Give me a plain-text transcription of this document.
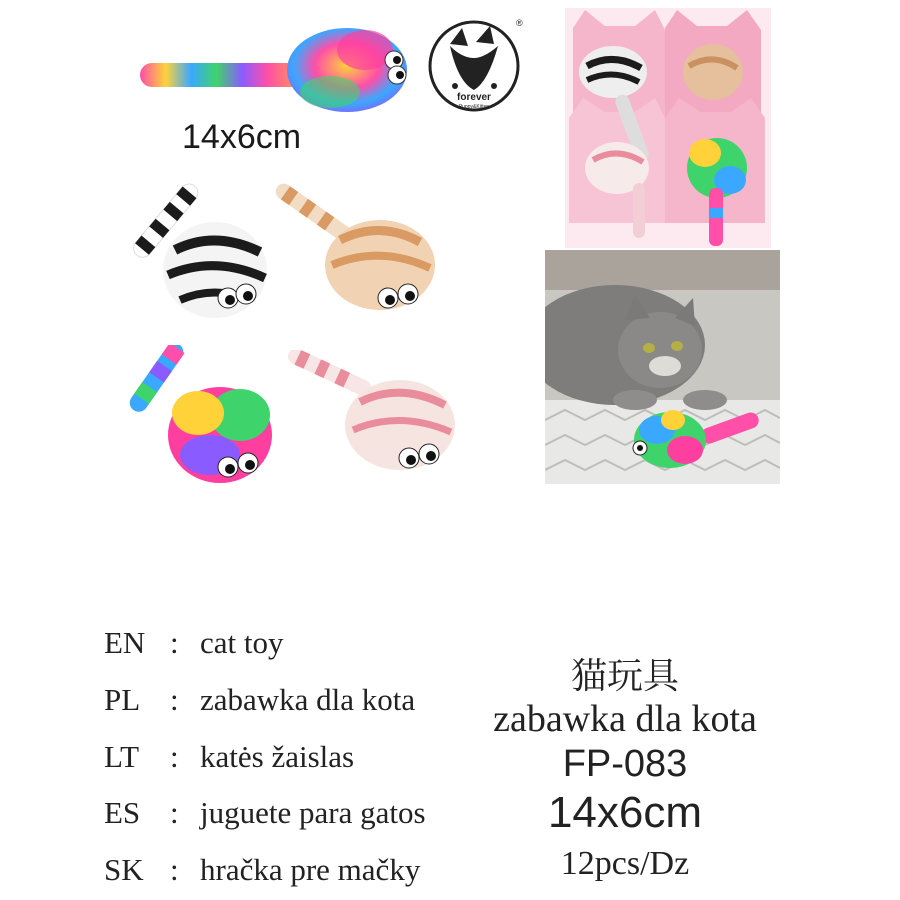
14x6cm
forever
Puppy&Kitten
®
EN : cat toy
PL : zabawka dla kota
LT : katės žaislas
ES : juguete para gatos
SK : hračka pre mačky
猫玩具
zabawka dla kota
FP-083
14x6cm
12pcs/Dz
